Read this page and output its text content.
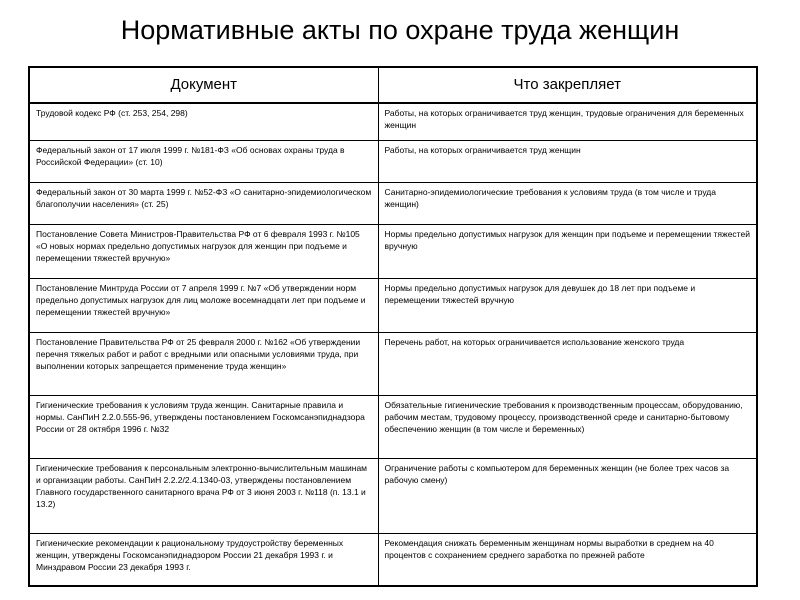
Нормативные акты по охране труда женщин
Документ	Что закрепляет
Трудовой кодекс РФ (ст. 253, 254, 298)	Работы, на которых ограничивается труд женщин, трудовые ограничения для беременных женщин
Федеральный закон от 17 июля 1999 г. №181-ФЗ «Об основах охраны труда в Российской Федерации» (ст. 10)	Работы, на которых ограничивается труд женщин
Федеральный закон от 30 марта 1999 г. №52-ФЗ «О санитарно-эпидемиологическом благополучии населения» (ст. 25)	Санитарно-эпидемиологические требования к условиям труда (в том числе и труда женщин)
Постановление Совета Министров-Правительства РФ от 6 февраля 1993 г. №105 «О новых нормах предельно допустимых нагрузок для женщин при подъеме и перемещении тяжестей вручную»	Нормы предельно допустимых нагрузок для женщин при подъеме и перемещении тяжестей вручную
Постановление Минтруда России от 7 апреля 1999 г. №7 «Об утверждении норм предельно допустимых нагрузок для лиц моложе восемнадцати лет при подъеме и перемещении тяжестей вручную»	Нормы предельно допустимых нагрузок для девушек до 18 лет при подъеме и перемещении тяжестей вручную
Постановление Правительства РФ от 25 февраля 2000 г. №162 «Об утверждении перечня тяжелых работ и работ с вредными или опасными условиями труда, при выполнении которых запрещается применение труда женщин»	Перечень работ, на которых ограничивается использование женского труда
Гигиенические требования к условиям труда женщин. Санитарные правила и нормы. СанПиН 2.2.0.555-96, утверждены постановлением Госкомсанэпиднадзора России от 28 октября 1996 г. №32	Обязательные гигиенические требования к производственным процессам, оборудованию, рабочим местам, трудовому процессу, производственной среде и санитарно-бытовому обеспечению женщин (в том числе и беременных)
Гигиенические требования к персональным электронно-вычислительным машинам и организации работы. СанПиН 2.2.2/2.4.1340-03, утверждены постановлением Главного государственного санитарного врача РФ от 3 июня 2003 г. №118 (п. 13.1 и 13.2)	Ограничение работы с компьютером для беременных женщин (не более трех часов за рабочую смену)
Гигиенические рекомендации к рациональному трудоустройству беременных женщин, утверждены Госкомсанэпиднадзором России 21 декабря 1993 г. и Минздравом России 23 декабря 1993 г.	Рекомендация снижать беременным женщинам нормы выработки в среднем на 40 процентов с сохранением среднего заработка по прежней работе
